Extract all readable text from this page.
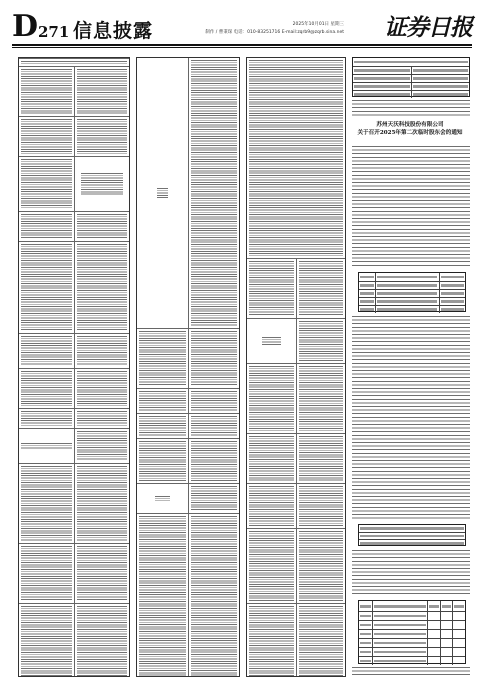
D 271 信息披露	2025年10月01日 星期三
制作 / 曹秉琛 电话：010-83251716 E-mail:zqrb9@zqrb.sina.net 证券日报
苏州天沃科技股份有限公司
关于召开2025年第二次临时股东会的通知
